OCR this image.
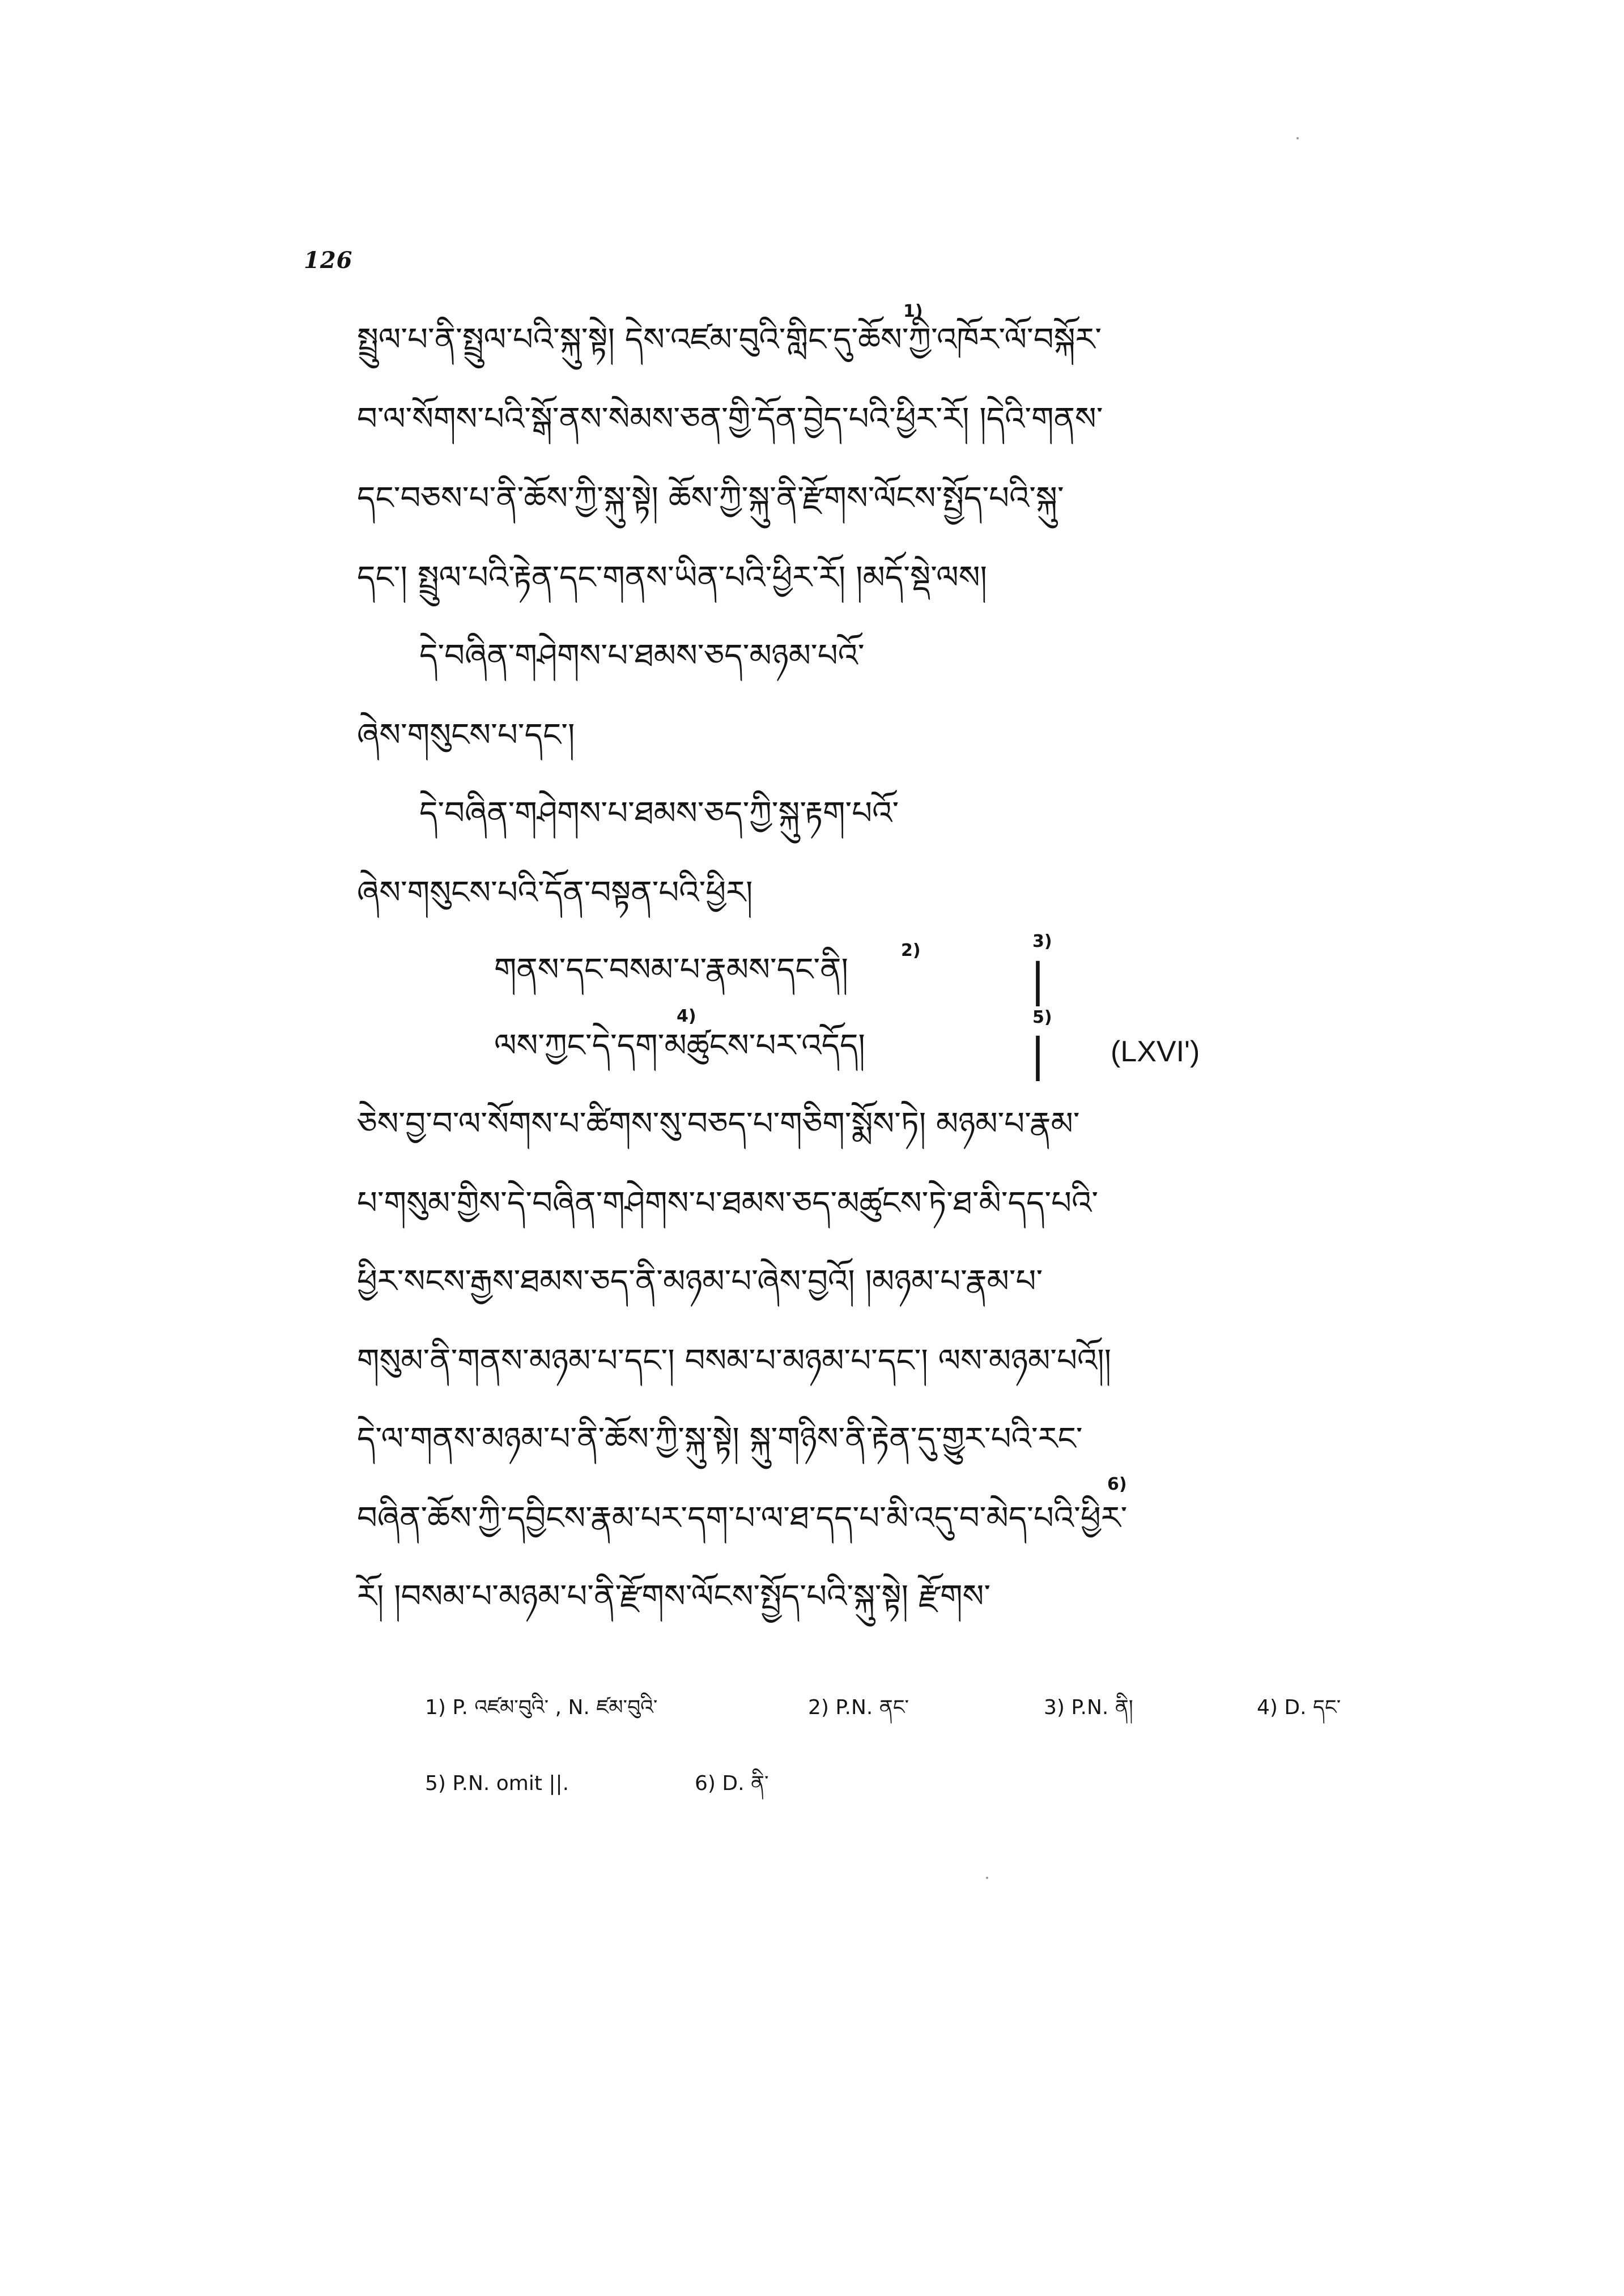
126
སྤྲུལ་པ་ནི་སྤྲུལ་པའི་སྐུ་སྟེ། དེས་འཛམ་བུའི་གླིང་དུ་ཆོས་ཀྱི་འཁོར་ལོ་བསྐོར་
བ་ལ་སོགས་པའི་སྒོ་ནས་སེམས་ཅན་གྱི་དོན་བྱེད་པའི་ཕྱིར་རོ། །དེའི་གནས་
དང་བཅས་པ་ནི་ཆོས་ཀྱི་སྐུ་སྟེ། ཆོས་ཀྱི་སྐུ་ནི་རྫོགས་ལོངས་སྤྱོད་པའི་སྐུ་
དང་། སྤྲུལ་པའི་རྟེན་དང་གནས་ཡིན་པའི་ཕྱིར་རོ། །མདོ་སྡེ་ལས།
དེ་བཞིན་གཤེགས་པ་ཐམས་ཅད་མཉམ་པའོ་
ཞེས་གསུངས་པ་དང་།
དེ་བཞིན་གཤེགས་པ་ཐམས་ཅད་ཀྱི་སྐུ་རྟག་པའོ་
ཞེས་གསུངས་པའི་དོན་བསྟན་པའི་ཕྱིར།
གནས་དང་བསམ་པ་རྣམས་དང་ནི།
ལས་ཀྱང་དེ་དག་མཚུངས་པར་འདོད།
|
| (LXVI')
ཅེས་བྱ་བ་ལ་སོགས་པ་ཚིགས་སུ་བཅད་པ་གཅིག་སྨོས་ཏེ། མཉམ་པ་རྣམ་
པ་གསུམ་གྱིས་དེ་བཞིན་གཤེགས་པ་ཐམས་ཅད་མཚུངས་ཏེ་ཐ་མི་དད་པའི་
ཕྱིར་སངས་རྒྱས་ཐམས་ཅད་ནི་མཉམ་པ་ཞེས་བྱའོ། །མཉམ་པ་རྣམ་པ་
གསུམ་ནི་གནས་མཉམ་པ་དང་། བསམ་པ་མཉམ་པ་དང་། ལས་མཉམ་པའོ།།
དེ་ལ་གནས་མཉམ་པ་ནི་ཆོས་ཀྱི་སྐུ་སྟེ། སྐུ་གཉིས་ནི་རྟེན་དུ་གྱུར་པའི་རང་
བཞིན་ཆོས་ཀྱི་དབྱིངས་རྣམ་པར་དག་པ་ལ་ཐ་དད་པ་མི་འདུ་བ་མེད་པའི་ཕྱིར་
རོ། །བསམ་པ་མཉམ་པ་ནི་རྫོགས་ལོངས་སྤྱོད་པའི་སྐུ་སྟེ། རྫོགས་
1)
2)	3)
4)	5)
6)
1) P. འཛམ་བུའི་ , N. ཛམ་བུའི་	2) P.N. ནང་	3) P.N. ནི།	4) D. དང་
5) P.N. omit ||.	6) D. ནི་
